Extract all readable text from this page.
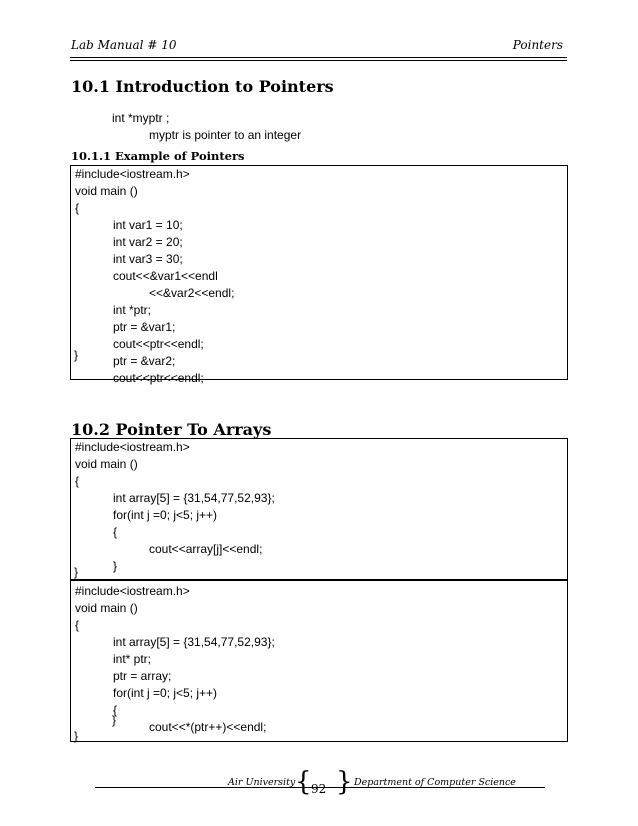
Lab Manual # 10	Pointers
10.1 Introduction to Pointers
int *myptr ;
myptr is pointer to an integer
10.1.1 Example of Pointers
#include<iostream.h>
void main ()
{
int var1 = 10;
int var2 = 20;
int var3 = 30;
cout<<&var1<<endl
<<&var2<<endl;
int *ptr;
ptr = &var1;
cout<<ptr<<endl;
ptr = &var2;
cout<<ptr<<endl;
}
10.2 Pointer To Arrays
#include<iostream.h>
void main ()
{
int array[5] = {31,54,77,52,93};
for(int j =0; j<5; j++)
{
cout<<array[j]<<endl;
}
}
#include<iostream.h>
void main ()
{
int array[5] = {31,54,77,52,93};
int* ptr;
ptr = array;
for(int j =0; j<5; j++)
{
cout<<*(ptr++)<<endl;
}
}
Air University { 92 } Department of Computer Science
